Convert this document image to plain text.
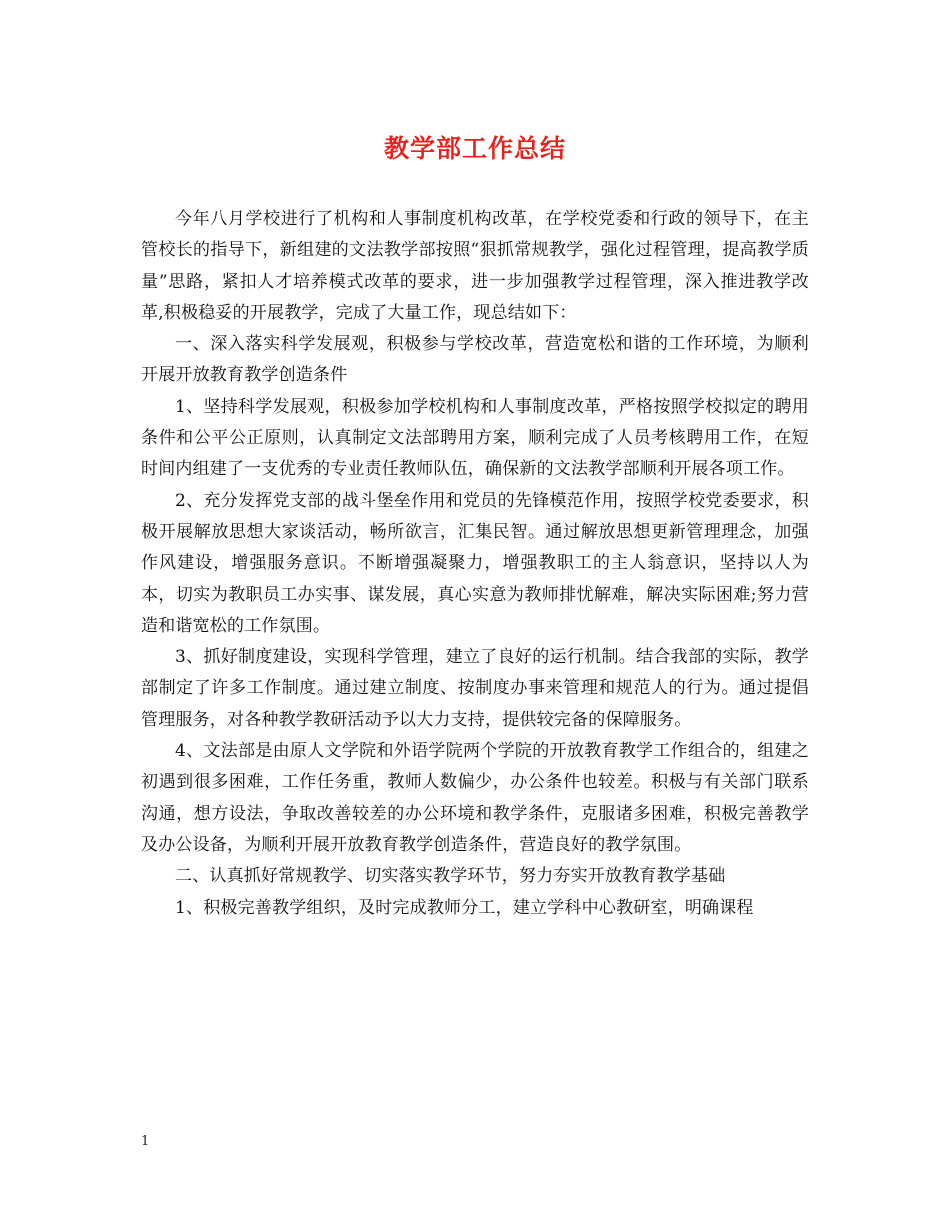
教学部工作总结

今年八月学校进行了机构和人事制度机构改革，在学校党委和行政的领导下，在主管校长的指导下，新组建的文法教学部按照“狠抓常规教学，强化过程管理，提高教学质量”思路，紧扣人才培养模式改革的要求，进一步加强教学过程管理，深入推进教学改革,积极稳妥的开展教学，完成了大量工作，现总结如下：

一、深入落实科学发展观，积极参与学校改革，营造宽松和谐的工作环境，为顺利开展开放教育教学创造条件

1、坚持科学发展观，积极参加学校机构和人事制度改革，严格按照学校拟定的聘用条件和公平公正原则，认真制定文法部聘用方案，顺利完成了人员考核聘用工作，在短时间内组建了一支优秀的专业责任教师队伍，确保新的文法教学部顺利开展各项工作。

2、充分发挥党支部的战斗堡垒作用和党员的先锋模范作用，按照学校党委要求，积极开展解放思想大家谈活动，畅所欲言，汇集民智。通过解放思想更新管理理念，加强作风建设，增强服务意识。不断增强凝聚力，增强教职工的主人翁意识，坚持以人为本，切实为教职员工办实事、谋发展，真心实意为教师排忧解难，解决实际困难;努力营造和谐宽松的工作氛围。

3、抓好制度建设，实现科学管理，建立了良好的运行机制。结合我部的实际，教学部制定了许多工作制度。通过建立制度、按制度办事来管理和规范人的行为。通过提倡管理服务，对各种教学教研活动予以大力支持，提供较完备的保障服务。

4、文法部是由原人文学院和外语学院两个学院的开放教育教学工作组合的，组建之初遇到很多困难，工作任务重，教师人数偏少，办公条件也较差。积极与有关部门联系沟通，想方设法，争取改善较差的办公环境和教学条件，克服诸多困难，积极完善教学及办公设备，为顺利开展开放教育教学创造条件，营造良好的教学氛围。

二、认真抓好常规教学、切实落实教学环节，努力夯实开放教育教学基础

1、积极完善教学组织，及时完成教师分工，建立学科中心教研室，明确课程

1
